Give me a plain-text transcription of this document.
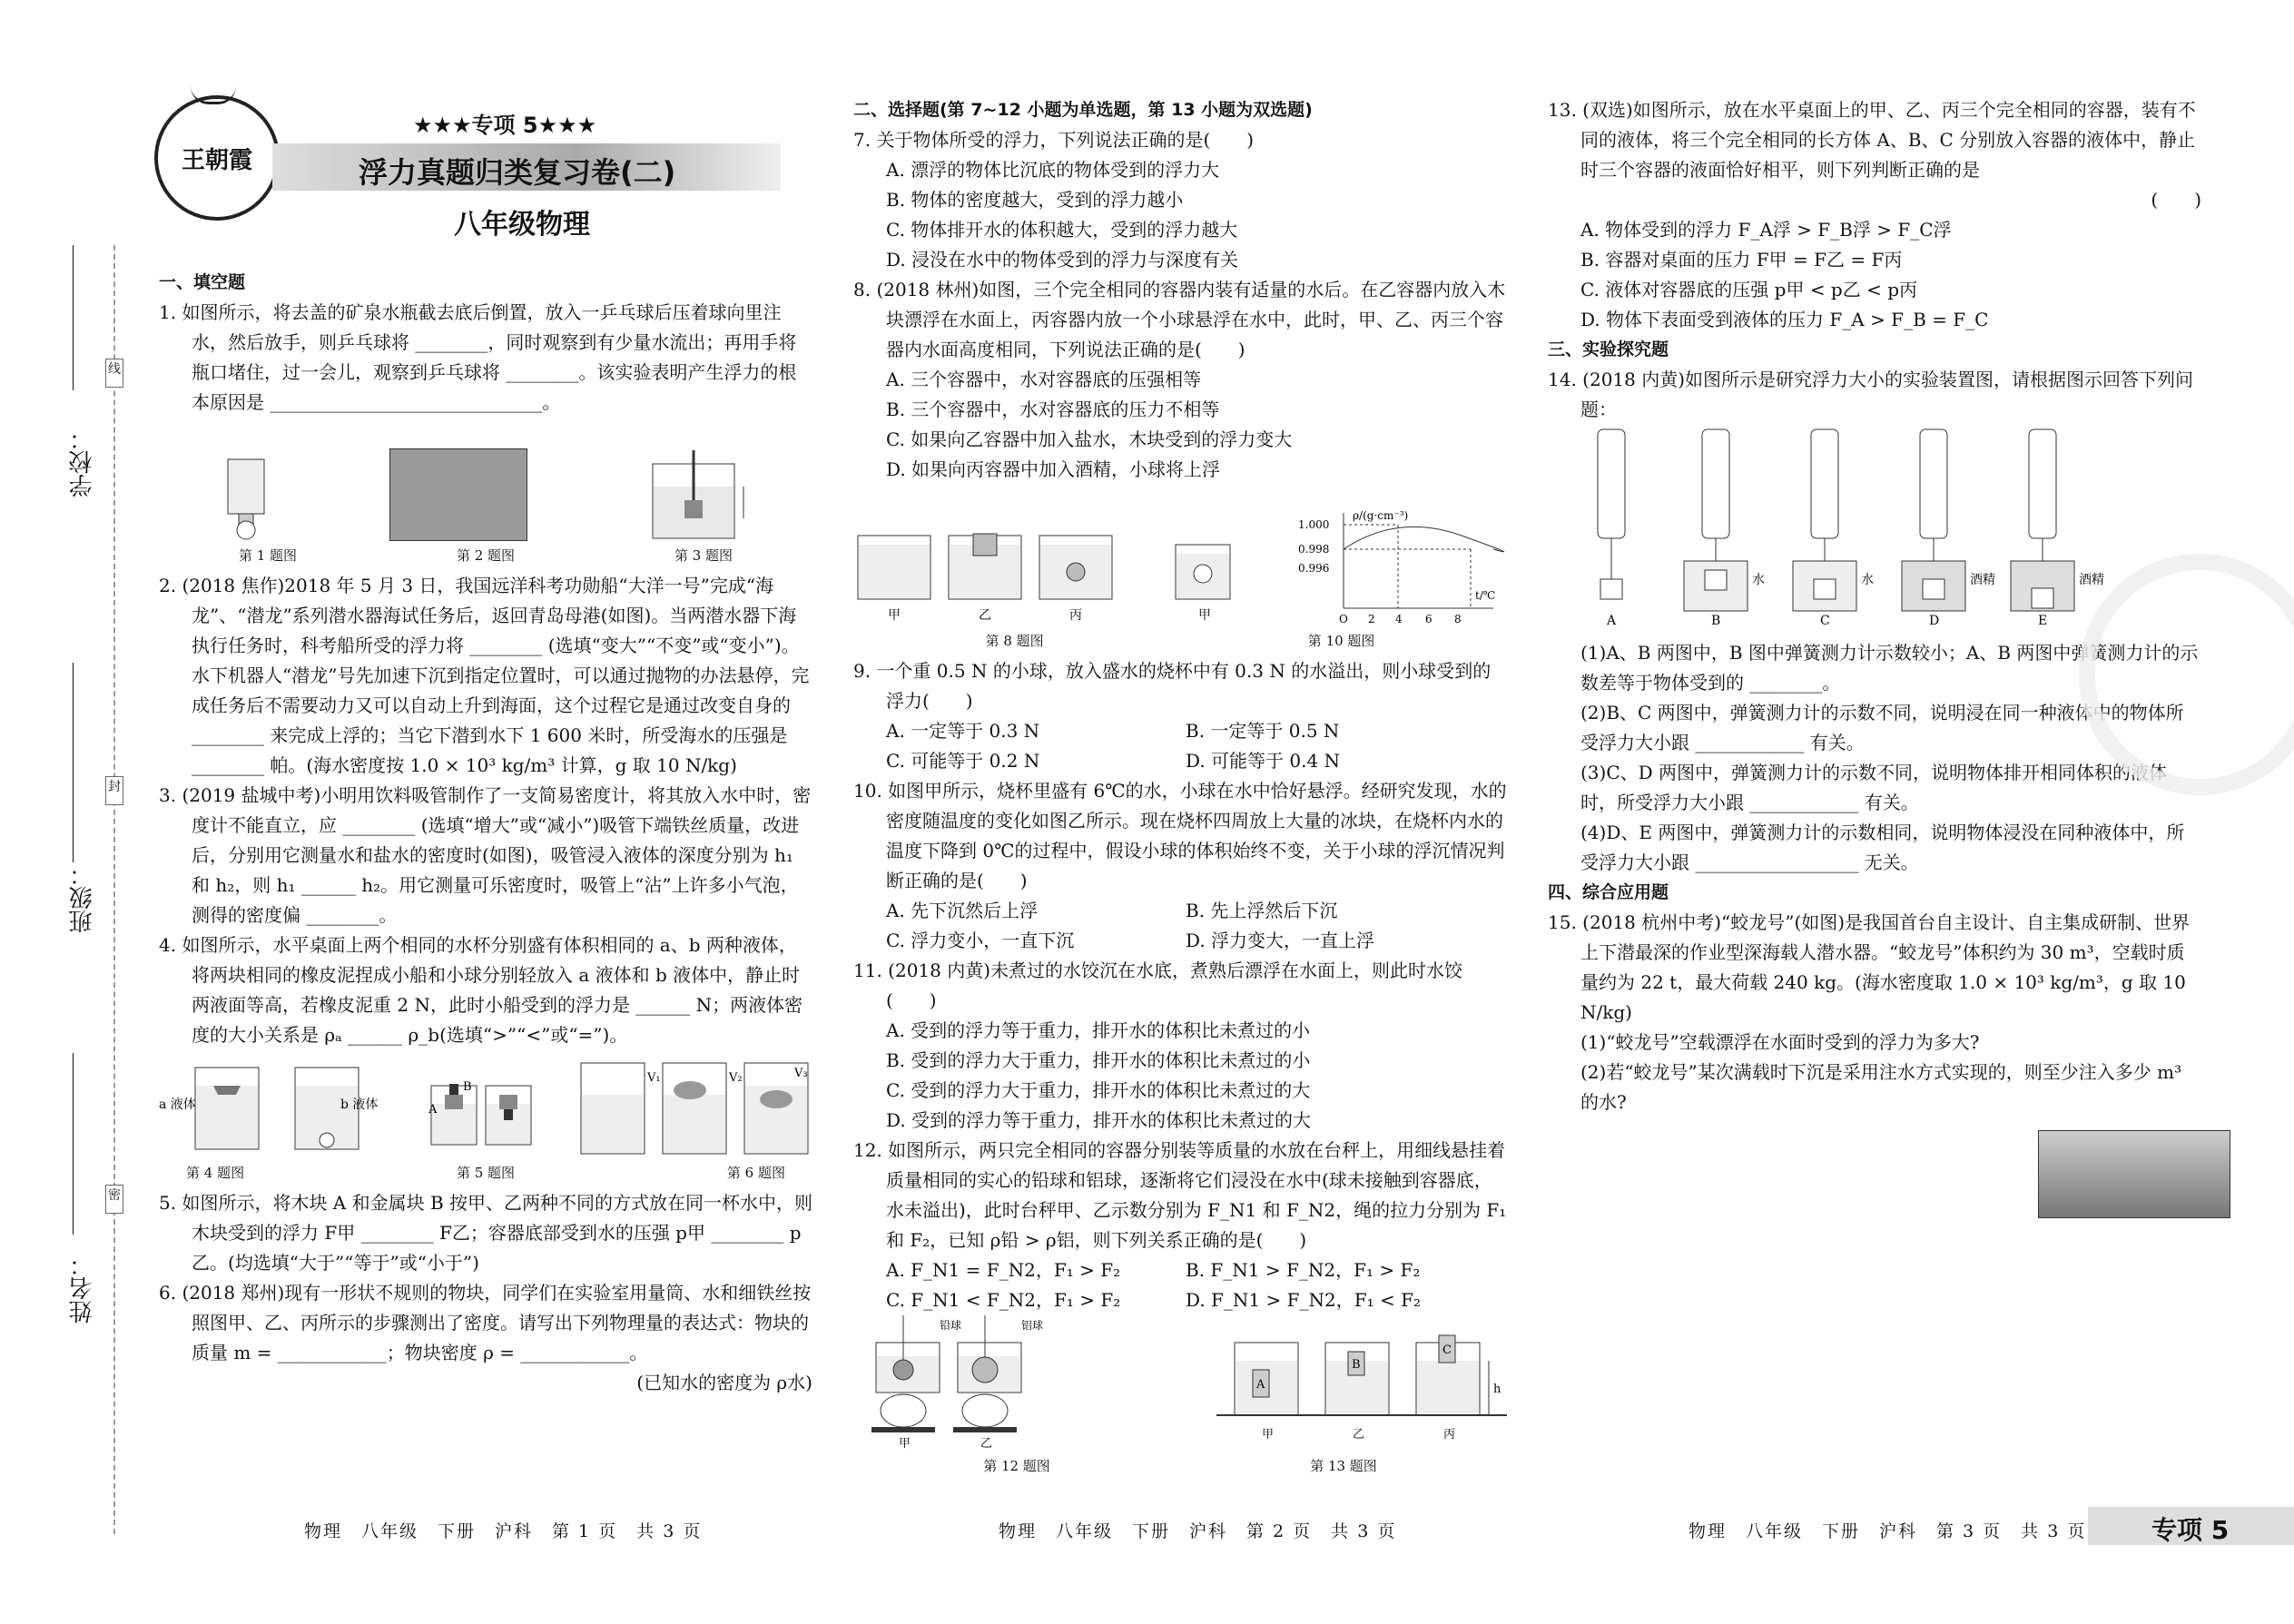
学校：
班级：
姓名：
线
封
密
王朝霞
★★★专项 5★★★
浮力真题归类复习卷(二)
八年级物理

一、填空题

1. 如图所示，将去盖的矿泉水瓶截去底后倒置，放入一乒乓球后压着球向里注水，然后放手，则乒乓球将 ________，同时观察到有少量水流出；再用手将瓶口堵住，过一会儿，观察到乒乓球将 ________。该实验表明产生浮力的根本原因是 ______________________________。

第 1 题图	第 2 题图	第 3 题图

2. (2018 焦作)2018 年 5 月 3 日，我国远洋科考功勋船“大洋一号”完成“海龙”、“潜龙”系列潜水器海试任务后，返回青岛母港(如图)。当两潜水器下海执行任务时，科考船所受的浮力将 ________ (选填“变大”“不变”或“变小”)。水下机器人“潜龙”号先加速下沉到指定位置时，可以通过抛物的办法悬停，完成任务后不需要动力又可以自动上升到海面，这个过程它是通过改变自身的 ________ 来完成上浮的；当它下潜到水下 1 600 米时，所受海水的压强是 ________ 帕。(海水密度按 1.0 × 10³ kg/m³ 计算，g 取 10 N/kg)

3. (2019 盐城中考)小明用饮料吸管制作了一支简易密度计，将其放入水中时，密度计不能直立，应 ________ (选填“增大”或“减小”)吸管下端铁丝质量，改进后，分别用它测量水和盐水的密度时(如图)，吸管浸入液体的深度分别为 h₁ 和 h₂，则 h₁ ______ h₂。用它测量可乐密度时，吸管上“沾”上许多小气泡，测得的密度偏 ________。

4. 如图所示，水平桌面上两个相同的水杯分别盛有体积相同的 a、b 两种液体，将两块相同的橡皮泥捏成小船和小球分别轻放入 a 液体和 b 液体中，静止时两液面等高，若橡皮泥重 2 N，此时小船受到的浮力是 ______ N；两液体密度的大小关系是 ρₐ ______ ρ_b(选填“>”“<”或“=”)。

a 液体	b 液体
B
A
V₁	V₂	V₃
第 4 题图	第 5 题图	第 6 题图

5. 如图所示，将木块 A 和金属块 B 按甲、乙两种不同的方式放在同一杯水中，则木块受到的浮力 F甲 ________ F乙；容器底部受到水的压强 p甲 ________ p乙。(均选填“大于”“等于”或“小于”)

6. (2018 郑州)现有一形状不规则的物块，同学们在实验室用量筒、水和细铁丝按照图甲、乙、丙所示的步骤测出了密度。请写出下列物理量的表达式：物块的质量 m = ____________；物块密度 ρ = ____________。

(已知水的密度为 ρ水)

二、选择题(第 7~12 小题为单选题，第 13 小题为双选题)

7. 关于物体所受的浮力，下列说法正确的是(　　)

A. 漂浮的物体比沉底的物体受到的浮力大

B. 物体的密度越大，受到的浮力越小

C. 物体排开水的体积越大，受到的浮力越大

D. 浸没在水中的物体受到的浮力与深度有关

8. (2018 林州)如图，三个完全相同的容器内装有适量的水后。在乙容器内放入木块漂浮在水面上，丙容器内放一个小球悬浮在水中，此时，甲、乙、丙三个容器内水面高度相同，下列说法正确的是(　　)

A. 三个容器中，水对容器底的压强相等

B. 三个容器中，水对容器底的压力不相等

C. 如果向乙容器中加入盐水，木块受到的浮力变大

D. 如果向丙容器中加入酒精，小球将上浮

甲	乙	丙	甲
ρ/(g·cm⁻³)
1.000
0.998
0.996
O 2 4 6 8
t/℃
第 8 题图	第 10 题图

9. 一个重 0.5 N 的小球，放入盛水的烧杯中有 0.3 N 的水溢出，则小球受到的浮力(　　)

A. 一定等于 0.3 N	B. 一定等于 0.5 N
C. 可能等于 0.2 N	D. 可能等于 0.4 N

10. 如图甲所示，烧杯里盛有 6℃的水，小球在水中恰好悬浮。经研究发现，水的密度随温度的变化如图乙所示。现在烧杯四周放上大量的冰块，在烧杯内水的温度下降到 0℃的过程中，假设小球的体积始终不变，关于小球的浮沉情况判断正确的是(　　)

A. 先下沉然后上浮	B. 先上浮然后下沉
C. 浮力变小，一直下沉	D. 浮力变大，一直上浮

11. (2018 内黄)未煮过的水饺沉在水底，煮熟后漂浮在水面上，则此时水饺(　　)

A. 受到的浮力等于重力，排开水的体积比未煮过的小

B. 受到的浮力大于重力，排开水的体积比未煮过的小

C. 受到的浮力大于重力，排开水的体积比未煮过的大

D. 受到的浮力等于重力，排开水的体积比未煮过的大

12. 如图所示，两只完全相同的容器分别装等质量的水放在台秤上，用细线悬挂着质量相同的实心的铅球和铝球，逐渐将它们浸没在水中(球未接触到容器底，水未溢出)，此时台秤甲、乙示数分别为 F_N1 和 F_N2，绳的拉力分别为 F₁ 和 F₂，已知 ρ铅 > ρ铝，则下列关系正确的是(　　)

A. F_N1 = F_N2，F₁ > F₂	B. F_N1 > F_N2，F₁ > F₂
C. F_N1 < F_N2，F₁ > F₂	D. F_N1 > F_N2，F₁ < F₂
铅球	铝球
甲	乙
A
B
C
h
甲	乙	丙
第 12 题图	第 13 题图

13. (双选)如图所示，放在水平桌面上的甲、乙、丙三个完全相同的容器，装有不同的液体，将三个完全相同的长方体 A、B、C 分别放入容器的液体中，静止时三个容器的液面恰好相平，则下列判断正确的是

(　　)

A. 物体受到的浮力 F_A浮 > F_B浮 > F_C浮

B. 容器对桌面的压力 F甲 = F乙 = F丙

C. 液体对容器底的压强 p甲 < p乙 < p丙

D. 物体下表面受到液体的压力 F_A > F_B = F_C

三、实验探究题

14. (2018 内黄)如图所示是研究浮力大小的实验装置图，请根据图示回答下列问题：

水	水	酒精	酒精
A	B	C	D	E

(1)A、B 两图中，B 图中弹簧测力计示数较小；A、B 两图中弹簧测力计的示数差等于物体受到的 ________。

(2)B、C 两图中，弹簧测力计的示数不同，说明浸在同一种液体中的物体所受浮力大小跟 ____________ 有关。

(3)C、D 两图中，弹簧测力计的示数不同，说明物体排开相同体积的液体时，所受浮力大小跟 ____________ 有关。

(4)D、E 两图中，弹簧测力计的示数相同，说明物体浸没在同种液体中，所受浮力大小跟 __________________ 无关。

四、综合应用题

15. (2018 杭州中考)“蛟龙号”(如图)是我国首台自主设计、自主集成研制、世界上下潜最深的作业型深海载人潜水器。“蛟龙号”体积约为 30 m³，空载时质量约为 22 t，最大荷载 240 kg。(海水密度取 1.0 × 10³ kg/m³，g 取 10 N/kg)

(1)“蛟龙号”空载漂浮在水面时受到的浮力为多大?

(2)若“蛟龙号”某次满载时下沉是采用注水方式实现的，则至少注入多少 m³ 的水?

物理　八年级　下册　沪科　第 1 页　共 3 页	物理　八年级　下册　沪科　第 2 页　共 3 页	物理　八年级　下册　沪科　第 3 页　共 3 页	专项 5
